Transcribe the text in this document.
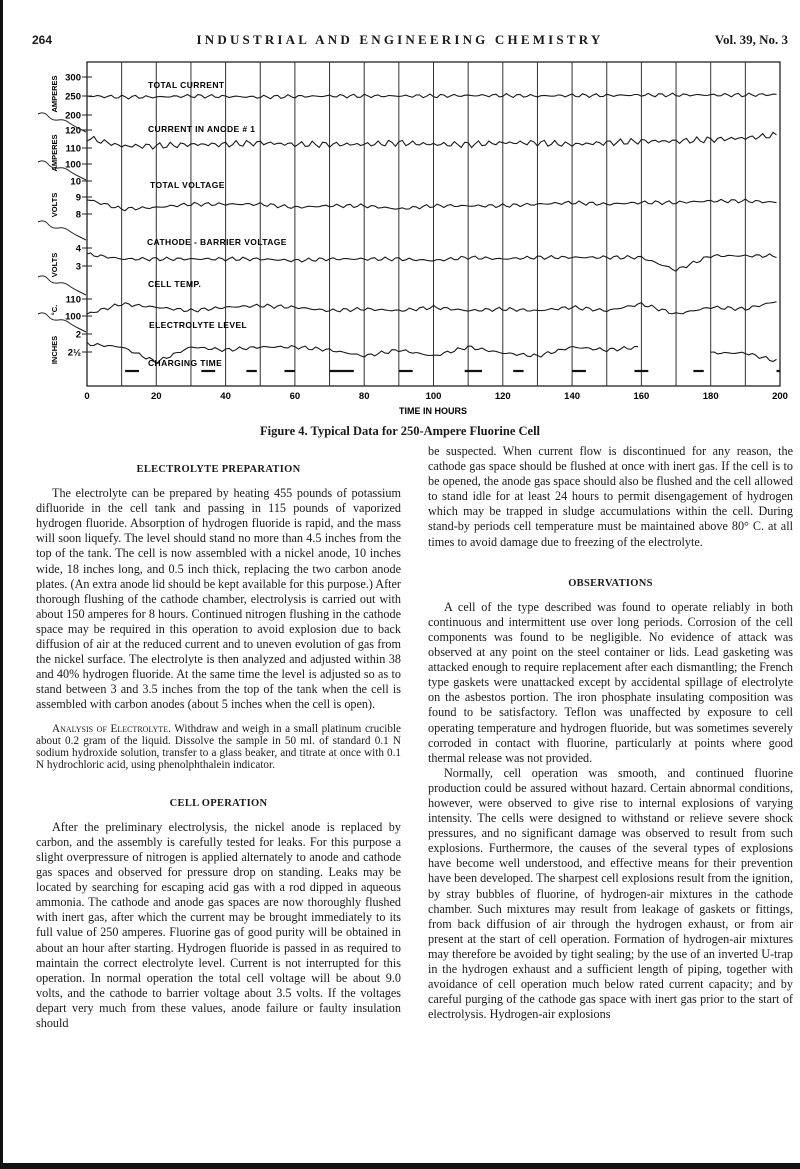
264	INDUSTRIAL AND ENGINEERING CHEMISTRY	Vol. 39, No. 3
300
250
200
120
110
100
10
9
8
4
3
110
100
2
2½
AMPERES
AMPERES
VOLTS
VOLTS
°C.
INCHES
TOTAL CURRENT
CURRENT IN ANODE # 1
TOTAL VOLTAGE
CATHODE - BARRIER VOLTAGE
CELL TEMP.
ELECTROLYTE LEVEL
CHARGING TIME
0	20	40	60	80	100	120	140	160	180	200
TIME IN HOURS
Figure 4. Typical Data for 250-Ampere Fluorine Cell
ELECTROLYTE PREPARATION

The electrolyte can be prepared by heating 455 pounds of potassium difluoride in the cell tank and passing in 115 pounds of vaporized hydrogen fluoride. Absorption of hydrogen fluoride is rapid, and the mass will soon liquefy. The level should stand no more than 4.5 inches from the top of the tank. The cell is now assembled with a nickel anode, 10 inches wide, 18 inches long, and 0.5 inch thick, replacing the two carbon anode plates. (An extra anode lid should be kept available for this purpose.) After thorough flushing of the cathode chamber, electrolysis is carried out with about 150 amperes for 8 hours. Continued nitrogen flushing in the cathode space may be required in this operation to avoid explosion due to back diffusion of air at the reduced current and to uneven evolution of gas from the nickel surface. The electrolyte is then analyzed and adjusted within 38 and 40% hydrogen fluoride. At the same time the level is adjusted so as to stand between 3 and 3.5 inches from the top of the tank when the cell is assembled with carbon anodes (about 5 inches when the cell is open).

Analysis of Electrolyte. Withdraw and weigh in a small platinum crucible about 0.2 gram of the liquid. Dissolve the sample in 50 ml. of standard 0.1 N sodium hydroxide solution, transfer to a glass beaker, and titrate at once with 0.1 N hydrochloric acid, using phenolphthalein indicator.

CELL OPERATION

After the preliminary electrolysis, the nickel anode is replaced by carbon, and the assembly is carefully tested for leaks. For this purpose a slight overpressure of nitrogen is applied alternately to anode and cathode gas spaces and observed for pressure drop on standing. Leaks may be located by searching for escaping acid gas with a rod dipped in aqueous ammonia. The cathode and anode gas spaces are now thoroughly flushed with inert gas, after which the current may be brought immediately to its full value of 250 amperes. Fluorine gas of good purity will be obtained in about an hour after starting. Hydrogen fluoride is passed in as required to maintain the correct electrolyte level. Current is not interrupted for this operation. In normal operation the total cell voltage will be about 9.0 volts, and the cathode to barrier voltage about 3.5 volts. If the voltages depart very much from these values, anode failure or faulty insulation should

be suspected. When current flow is discontinued for any reason, the cathode gas space should be flushed at once with inert gas. If the cell is to be opened, the anode gas space should also be flushed and the cell allowed to stand idle for at least 24 hours to permit disengagement of hydrogen which may be trapped in sludge accumulations within the cell. During stand-by periods cell temperature must be maintained above 80° C. at all times to avoid damage due to freezing of the electrolyte.

OBSERVATIONS

A cell of the type described was found to operate reliably in both continuous and intermittent use over long periods. Corrosion of the cell components was found to be negligible. No evidence of attack was observed at any point on the steel container or lids. Lead gasketing was attacked enough to require replacement after each dismantling; the French type gaskets were unattacked except by accidental spillage of electrolyte on the asbestos portion. The iron phosphate insulating composition was found to be satisfactory. Teflon was unaffected by exposure to cell operating temperature and hydrogen fluoride, but was sometimes severely corroded in contact with fluorine, particularly at points where good thermal release was not provided.

Normally, cell operation was smooth, and continued fluorine production could be assured without hazard. Certain abnormal conditions, however, were observed to give rise to internal explosions of varying intensity. The cells were designed to withstand or relieve severe shock pressures, and no significant damage was observed to result from such explosions. Furthermore, the causes of the several types of explosions have become well understood, and effective means for their prevention have been developed. The sharpest cell explosions result from the ignition, by stray bubbles of fluorine, of hydrogen-air mixtures in the cathode chamber. Such mixtures may result from leakage of gaskets or fittings, from back diffusion of air through the hydrogen exhaust, or from air present at the start of cell operation. Formation of hydrogen-air mixtures may therefore be avoided by tight sealing; by the use of an inverted U-trap in the hydrogen exhaust and a sufficient length of piping, together with avoidance of cell operation much below rated current capacity; and by careful purging of the cathode gas space with inert gas prior to the start of electrolysis. Hydrogen-air explosions
